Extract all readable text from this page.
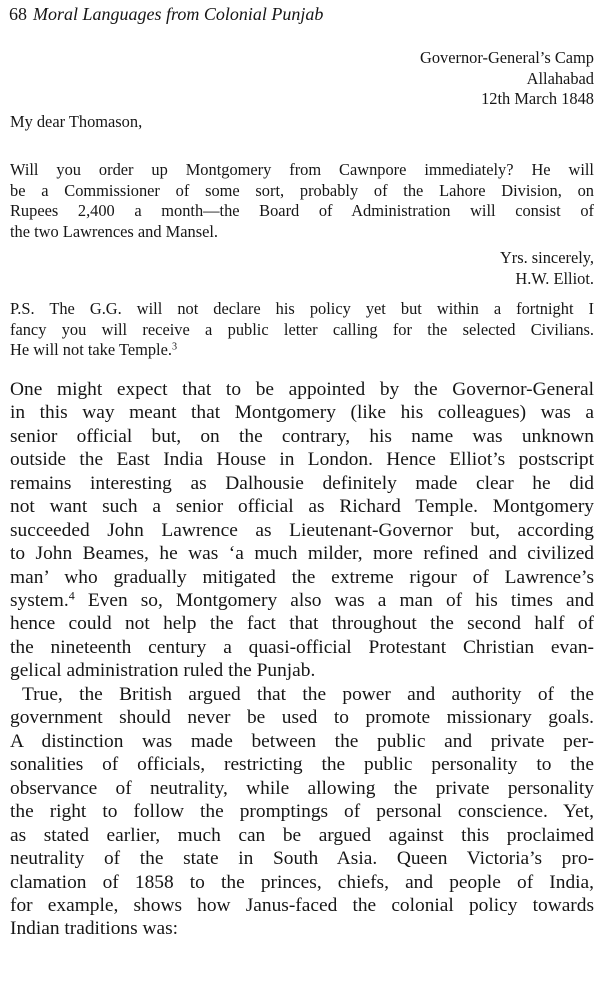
68 Moral Languages from Colonial Punjab
Governor-General’s Camp
Allahabad
12th March 1848
My dear Thomason,
Will you order up Montgomery from Cawnpore immediately? He will
be a Commissioner of some sort, probably of the Lahore Division, on
Rupees 2,400 a month—the Board of Administration will consist of
the two Lawrences and Mansel.
Yrs. sincerely,
H.W. Elliot.
P.S. The G.G. will not declare his policy yet but within a fortnight I
fancy you will receive a public letter calling for the selected Civilians.
He will not take Temple.$^3$
One might expect that to be appointed by the Governor-General
in this way meant that Montgomery (like his colleagues) was a
senior official but, on the contrary, his name was unknown
outside the East India House in London. Hence Elliot’s postscript
remains interesting as Dalhousie definitely made clear he did
not want such a senior official as Richard Temple. Montgomery
succeeded John Lawrence as Lieutenant-Governor but, according
to John Beames, he was ‘a much milder, more refined and civilized
man’ who gradually mitigated the extreme rigour of Lawrence’s
system.$^4$ Even so, Montgomery also was a man of his times and
hence could not help the fact that throughout the second half of
the nineteenth century a quasi-official Protestant Christian evan-
gelical administration ruled the Punjab.
True, the British argued that the power and authority of the
government should never be used to promote missionary goals.
A distinction was made between the public and private per-
sonalities of officials, restricting the public personality to the
observance of neutrality, while allowing the private personality
the right to follow the promptings of personal conscience. Yet,
as stated earlier, much can be argued against this proclaimed
neutrality of the state in South Asia. Queen Victoria’s pro-
clamation of 1858 to the princes, chiefs, and people of India,
for example, shows how Janus-faced the colonial policy towards
Indian traditions was:
